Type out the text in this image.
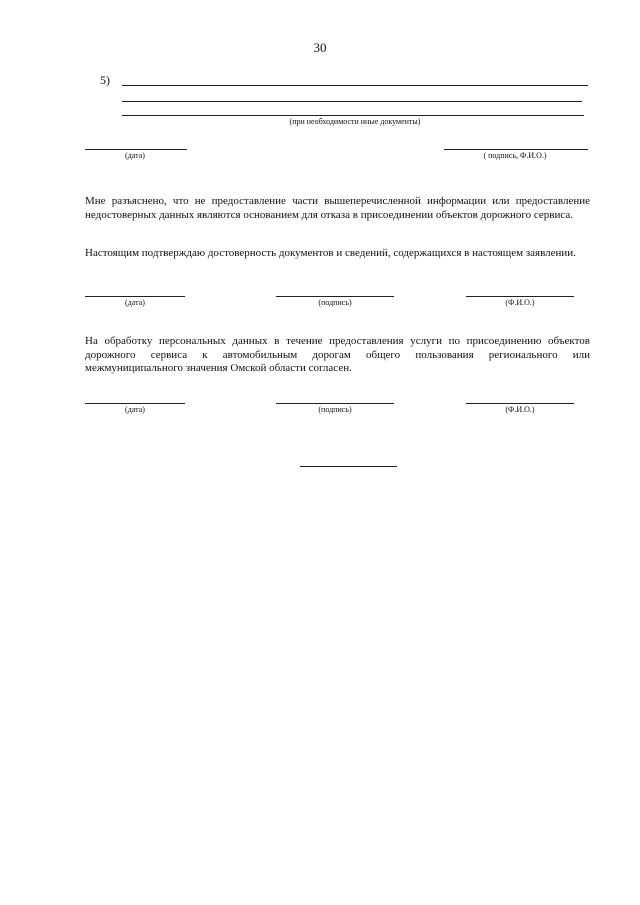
30
5)
(при необходимости иные документы)
(дата)	( подпись, Ф.И.О.)
Мне разъяснено, что не предоставление части вышеперечисленной информации или предоставление недостоверных данных являются основанием для отказа в присоединении объектов дорожного сервиса.
Настоящим подтверждаю достоверность документов и сведений, содержащихся в настоящем заявлении.
(дата)	(подпись)	(Ф.И.О.)
На обработку персональных данных в течение предоставления услуги по присоединению объектов дорожного сервиса к автомобильным дорогам общего пользования регионального или межмуниципального значения Омской области согласен.
(дата)	(подпись)	(Ф.И.О.)
